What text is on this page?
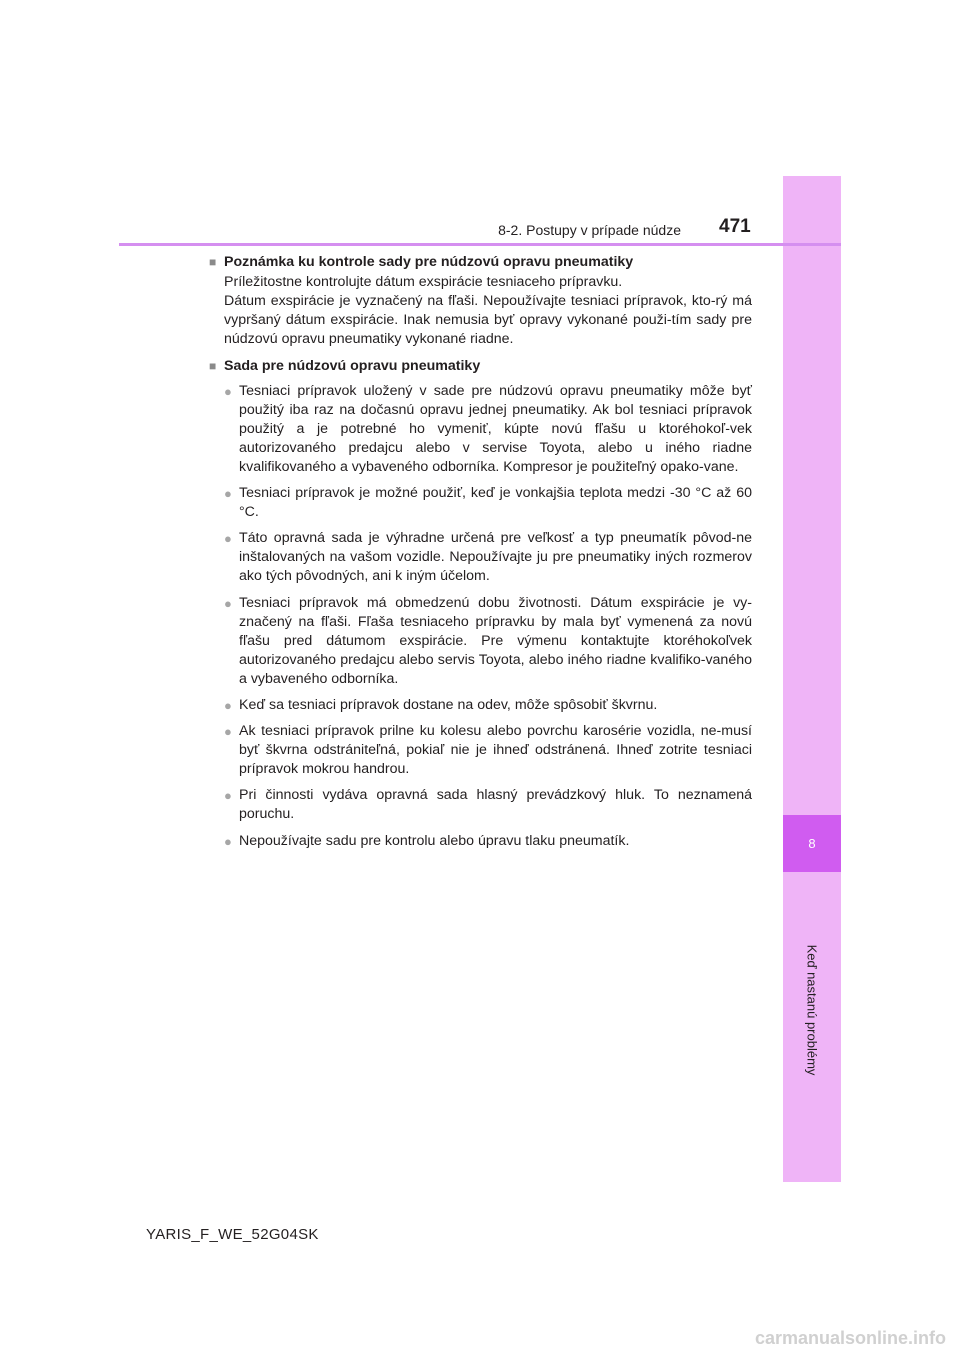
8
Keď nastanú problémy
8-2. Postupy v prípade núdze 471
■ Poznámka ku kontrole sady pre núdzovú opravu pneumatiky

Príležitostne kontrolujte dátum exspirácie tesniaceho prípravku.

Dátum exspirácie je vyznačený na fľaši. Nepoužívajte tesniaci prípravok, kto-rý má vypršaný dátum exspirácie. Inak nemusia byť opravy vykonané použi-tím sady pre núdzovú opravu pneumatiky vykonané riadne.

■ Sada pre núdzovú opravu pneumatiky
● Tesniaci prípravok uložený v sade pre núdzovú opravu pneumatiky môže byť použitý iba raz na dočasnú opravu jednej pneumatiky. Ak bol tesniaci prípravok použitý a je potrebné ho vymeniť, kúpte novú fľašu u ktoréhokoľ-vek autorizovaného predajcu alebo v servise Toyota, alebo u iného riadne kvalifikovaného a vybaveného odborníka. Kompresor je použiteľný opako-vane.
● Tesniaci prípravok je možné použiť, keď je vonkajšia teplota medzi -30 °C až 60 °C.
● Táto opravná sada je výhradne určená pre veľkosť a typ pneumatík pôvod-ne inštalovaných na vašom vozidle. Nepoužívajte ju pre pneumatiky iných rozmerov ako tých pôvodných, ani k iným účelom.
● Tesniaci prípravok má obmedzenú dobu životnosti. Dátum exspirácie je vy-značený na fľaši. Fľaša tesniaceho prípravku by mala byť vymenená za novú fľašu pred dátumom exspirácie. Pre výmenu kontaktujte ktoréhokoľvek autorizovaného predajcu alebo servis Toyota, alebo iného riadne kvalifiko-vaného a vybaveného odborníka.
● Keď sa tesniaci prípravok dostane na odev, môže spôsobiť škvrnu.
● Ak tesniaci prípravok prilne ku kolesu alebo povrchu karosérie vozidla, ne-musí byť škvrna odstrániteľná, pokiaľ nie je ihneď odstránená. Ihneď zotrite tesniaci prípravok mokrou handrou.
● Pri činnosti vydáva opravná sada hlasný prevádzkový hluk. To neznamená poruchu.
● Nepoužívajte sadu pre kontrolu alebo úpravu tlaku pneumatík.
YARIS_F_WE_52G04SK
carmanualsonline.info
